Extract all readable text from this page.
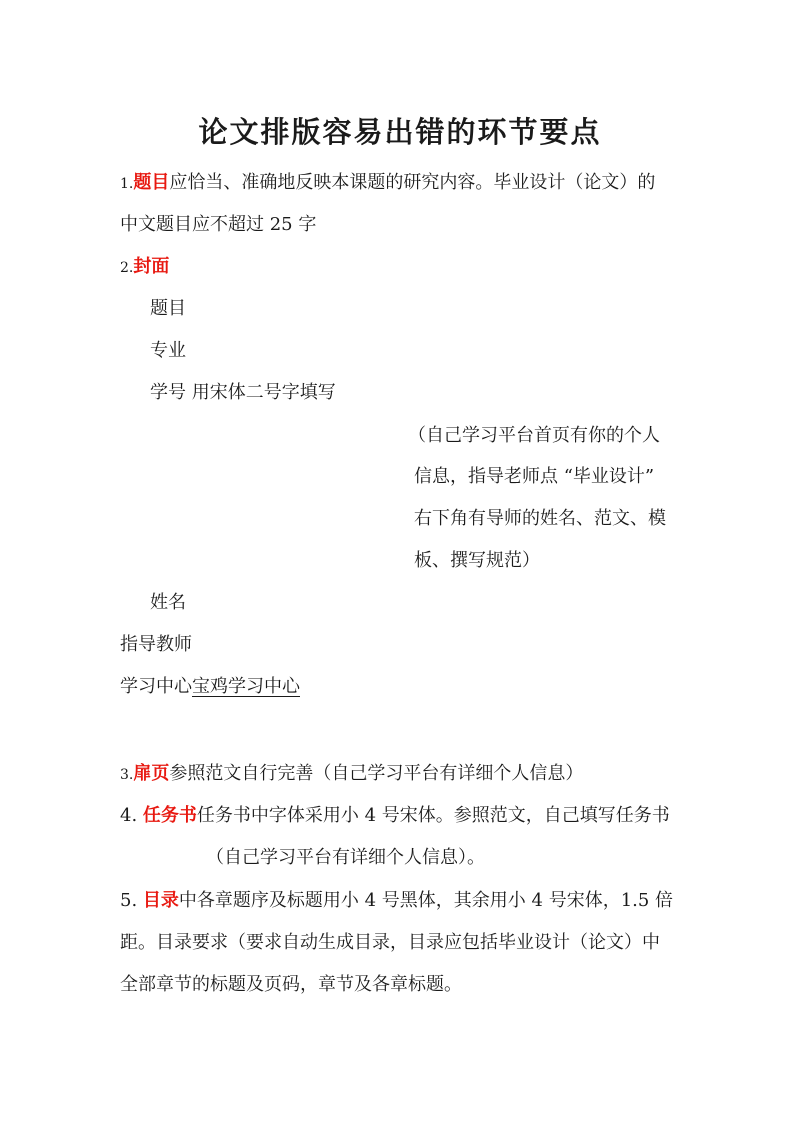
论文排版容易出错的环节要点
1.题目应恰当、准确地反映本课题的研究内容。毕业设计（论文）的
中文题目应不超过 25 字
2.封面
题目
专业
学号 用宋体二号字填写
（自己学习平台首页有你的个人
信息，指导老师点 “毕业设计”
右下角有导师的姓名、范文、模
板、撰写规范）
姓名
指导教师
学习中心宝鸡学习中心
3.扉页参照范文自行完善（自己学习平台有详细个人信息）
4. 任务书任务书中字体采用小 4 号宋体。参照范文，自己填写任务书
（自己学习平台有详细个人信息）。
5. 目录中各章题序及标题用小 4 号黑体，其余用小 4 号宋体，1.5 倍
距。目录要求（要求自动生成目录，目录应包括毕业设计（论文）中
全部章节的标题及页码，章节及各章标题。
